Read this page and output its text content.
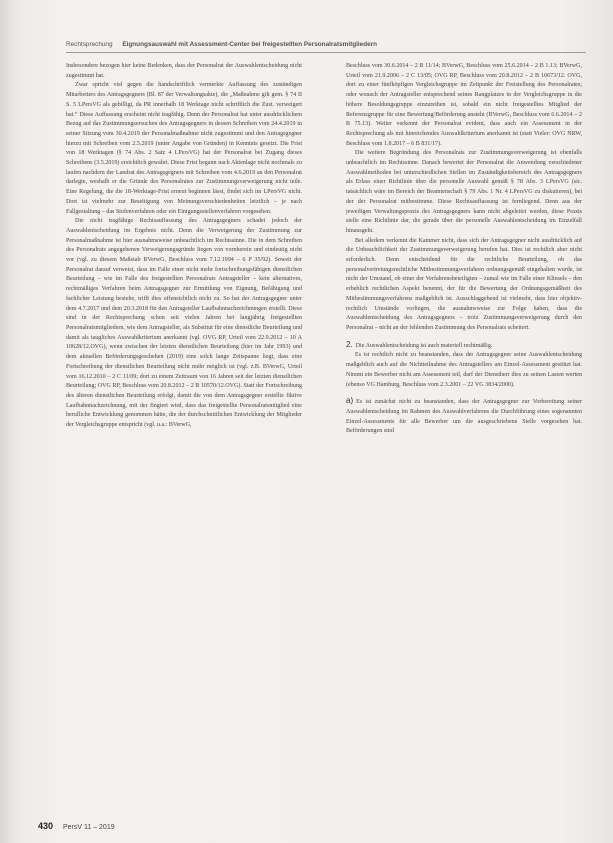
Rechtsprechung Eignungsauswahl mit Assessment-Center bei freigestellten Personalratsmitgliedern

Insbesondere bezogen hier keine Bedenken, dass der Personalrat der Auswahlentscheidung nicht zugestimmt hat.

Zwar spricht viel gegen die handschriftlich vermerkte Auffassung des zuständigen Mitarbeiters des Antragsgegners (Bl. 87 der Verwaltungsakte), die „Maßnahme gilt gem. § 74 II S. 5 LPersVG als gebilligt, da PR innerhalb 18 Werktage nicht schriftlich die Zust. verweigert hat.“ Diese Auffassung erscheint nicht tragfähig. Denn der Personalrat hat unter ausdrücklichem Bezug auf das Zustimmungsersuchen des Antragsgegners in dessen Schreiben vom 24.4.2019 in seiner Sitzung vom 30.4.2019 der Personalmaßnahme nicht zugestimmt und den Antragsgegner hierzu mit Schreiben vom 2.5.2019 (unter Angabe von Gründen) in Kenntnis gesetzt. Die Frist von 18 Werktagen (§ 74 Abs. 2 Satz 4 LPersVG) hat der Personalrat bei Zugang dieses Schreibens (3.5.2019) ersichtlich gewahrt. Diese Frist begann nach Aktenlage nicht nochmals zu laufen nachdem der Landrat des Antragsgegners mit Schreiben vom 4.6.2019 an den Personalrat darlegte, weshalb er die Gründe des Personalrates zur Zustimmungsverweigerung nicht teile. Eine Regelung, die die 18-Werktage-Frist erneut beginnen lässt, findet sich im LPersVG nicht. Dort ist vielmehr zur Beseitigung von Meinungsverschiedenheiten letztlich – je nach Fallgestaltung – das Stufenverfahren oder ein Einigungsstellenverfahren vorgesehen.

Die nicht tragfähige Rechtsauffassung des Antragsgegners schadet jedoch der Auswahlentscheidung im Ergebnis nicht. Denn die Verweigerung der Zustimmung zur Personalmaßnahme ist hier ausnahmsweise unbeachtlich im Rechtssinne. Die in dem Schreiben des Personalrats angegebenen Verweigerungsgründe liegen von vornherein und eindeutig nicht vor (vgl. zu diesem Maßstab BVerwG, Beschluss vom 7.12.1994 – 6 P 35/92). Soweit der Personalrat darauf verweist, dass im Falle einer nicht mehr fortschreibungsfähigen dienstlichen Beurteilung – wie im Falle des freigestellten Personalrats Antragsteller – kein alternatives, rechtmäßiges Verfahren beim Antragsgegner zur Ermittlung von Eignung, Befähigung und fachlicher Leistung bestehe, trifft dies offensichtlich nicht zu. So hat der Antragsgegner unter dem 4.7.2017 und dem 20.3.2018 für den Antragsteller Laufbahnnachzeichnungen erstellt. Diese sind in der Rechtsprechung schon seit vielen Jahren bei langjährig freigestellten Personalratsmitgliedern, wie dem Antragsteller, als Substitut für eine dienstliche Beurteilung und damit als taugliches Auswahlkriterium anerkannt (vgl. OVG RP, Urteil vom 22.9.2012 – 10 A 10628/12.OVG), wenn zwischen der letzten dienstlichen Beurteilung (hier im Jahr 1993) und dem aktuellen Beförderungsgeschehen (2019) eine solch lange Zeitspanne liegt, dass eine Fortschreibung der dienstlichen Beurteilung nicht mehr möglich ist (vgl. z.B. BVerwG, Urteil vom 16.12.2010 – 2 C 11/09; dort zu einem Zeitraum von 16 Jahren seit der letzten dienstlichen Beurteilung; OVG RP, Beschluss vom 20.8.2012 – 2 B 10570/12.OVG). Statt der Fortschreibung des älteren dienstlichen Beurteilung erfolgt, damit die von dem Antragsgegner erstellte fiktive Laufbahnnachzeichnung, mit der fingiert wird, dass das freigestellte Personalratsmitglied eine berufliche Entwicklung genommen hätte, die der durchschnittlichen Entwicklung der Mitglieder der Vergleichsgruppe entspricht (vgl. u.a.: BVerwG,

Beschluss vom 30.6.2014 – 2 B 11/14; BVerwG, Beschluss vom 25.6.2014 – 2 B 1.13; BVerwG, Urteil vom 21.9.2006 – 2 C 13/05; OVG RP, Beschluss vom 20.8.2012 – 2 B 10673/12. OVG, dort zu einer fünfköpfigen Vergleichsgruppe im Zeitpunkt der Freistellung des Personalrates; oder wonach der Antragsteller entsprechend seines Rangplatzes in der Vergleichsgruppe in die höhere Besoldungsgruppe einzureihen ist, sobald ein nicht freigestelltes Mitglied der Referenzgruppe für eine Bewertung/Beförderung ansteht (BVerwG, Beschluss vom 6.6.2014 – 2 B 75.13). Weiter verkennt der Personalrat evident, dass auch ein Assessment in der Rechtsprechung als mit hinreichendes Auswahlkriterium anerkannt ist (statt Vieler: OVG NRW, Beschluss vom 1.8.2017 – 6 B 831/17).

Die weitere Begründung des Personalrats zur Zustimmungsverweigerung ist ebenfalls unbeachtlich im Rechtssinne. Danach bewertet der Personalrat die Anwendung verschiedener Auswahlmethoden bei unterschiedlichen Stellen im Zuständigkeitsbereich des Antragsgegners als Erlass einer Richtlinie über die personelle Auswahl gemäß § 78 Abs. 3 LPersVG (sic. tatsächlich wäre im Bereich der Beamtenschaft § 79 Abs. 1 Nr. 4 LPersVG zu diskutieren), bei der der Personalrat mitbestimme. Diese Rechtsauffassung ist fernliegend. Denn aus der jeweiligen Verwaltungspraxis des Antragsgegners kann nicht abgeleitet werden, diese Praxis stelle eine Richtlinie dar, die gerade über die personelle Auswahlentscheidung im Einzelfall hinausgeht.

Bei alledem verkennt die Kammer nicht, dass sich der Antragsgegner nicht ausdrücklich auf die Unbeachtlichkeit der Zustimmungsverweigerung berufen hat. Dies ist rechtlich aber nicht erforderlich. Denn entscheidend für die rechtliche Beurteilung, ob das personalvertretungsrechtliche Mitbestimmungsverfahren ordnungsgemäß eingehalten wurde, ist nicht der Umstand, ob einer der Verfahrensbeteiligten – zumal wie im Falle einer Klinsels – den erheblich rechtlichen Aspekt benennt, der für die Bewertung der Ordnungsgemäßheit des Mitbestimmungsverfahrens maßgeblich ist. Ausschlaggebend ist vielmehr, dass hier objektiv-rechtlich Umstände vorliegen, die ausnahmsweise zur Folge haben, dass die Auswahlentscheidung des Antragsgegners – trotz Zustimmungsverweigerung durch den Personalrat – nicht an der fehlenden Zustimmung des Personalrats scheitert.

2. Die Auswahlentscheidung ist auch materiell rechtmäßig.

Es ist rechtlich nicht zu beanstanden, dass der Antragsgegner seine Auswahlentscheidung maßgeblich auch auf die Nichtteilnahme des Antragstellers am Einzel-Assessment gestützt hat. Nimmt ein Bewerber nicht am Assessment teil, darf der Dienstherr dies zu seinen Lasten werten (ebenso VG Hamburg, Beschluss vom 2.3.2001 – 22 VG 3834/2000).

a) Es ist zunächst nicht zu beanstanden, dass der Antragsgegner zur Vorbereitung seiner Auswahlentscheidung im Rahmen des Auswahlverfahrens die Durchführung eines sogenannten Einzel-Assessments für alle Bewerber um die ausgeschriebene Stelle vorgesehen hat. Beförderungen sind

430 PersV 11 – 2019
